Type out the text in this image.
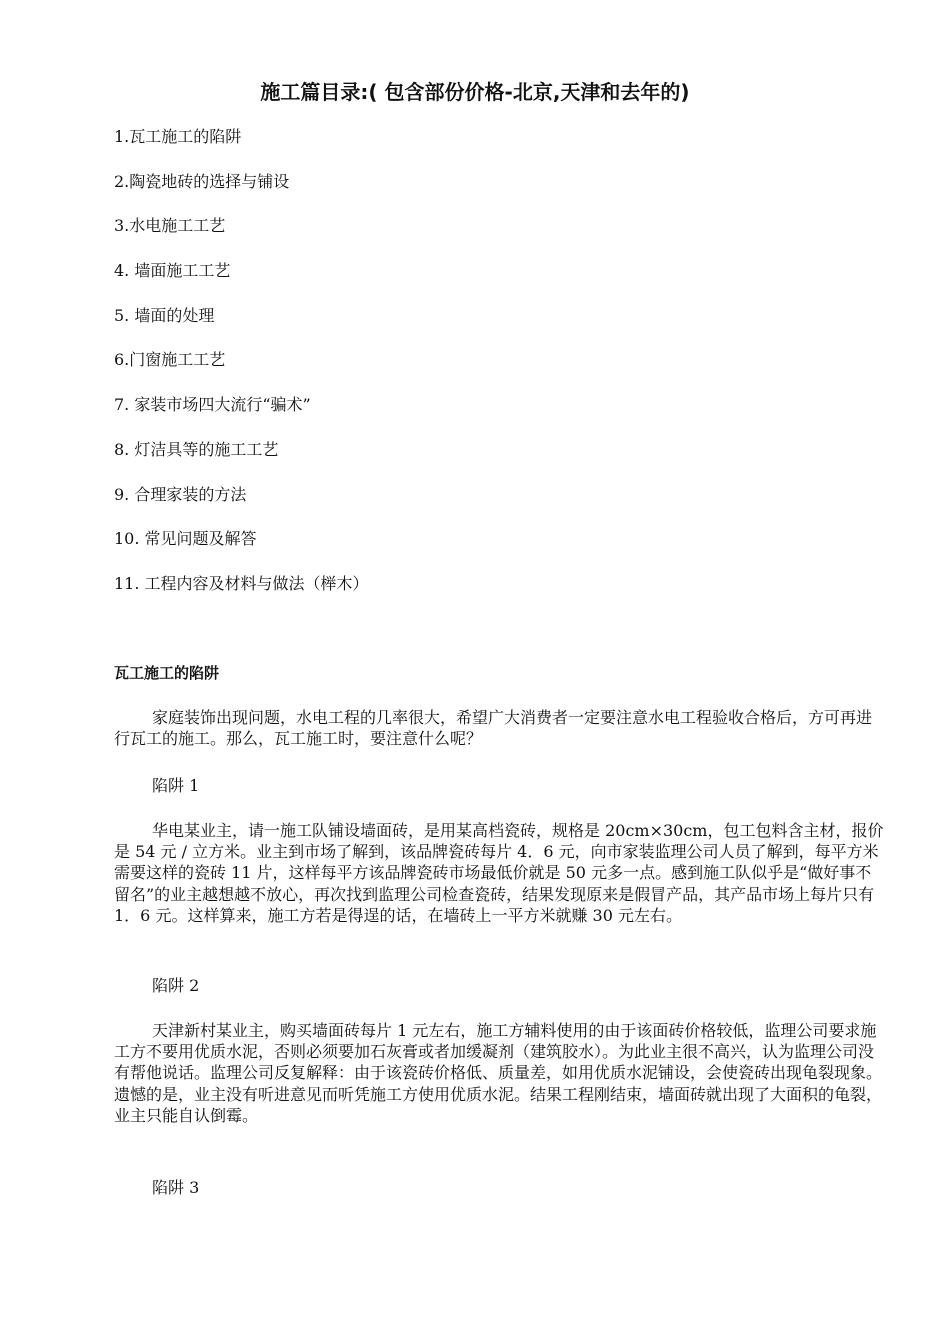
施工篇目录:( 包含部份价格-北京,天津和去年的)
1.瓦工施工的陷阱
2.陶瓷地砖的选择与铺设
3.水电施工工艺
4. 墙面施工工艺
5. 墙面的处理
6.门窗施工工艺
7. 家装市场四大流行“骗术”
8. 灯洁具等的施工工艺
9. 合理家装的方法
10. 常见问题及解答
11. 工程内容及材料与做法（榉木）
瓦工施工的陷阱

家庭装饰出现问题，水电工程的几率很大，希望广大消费者一定要注意水电工程验收合格后，方可再进行瓦工的施工。那么，瓦工施工时，要注意什么呢？

陷阱 1

华电某业主，请一施工队铺设墙面砖，是用某高档瓷砖，规格是 20cm×30cm，包工包料含主材，报价是 54 元 / 立方米。业主到市场了解到，该品牌瓷砖每片 4．6 元，向市家装监理公司人员了解到，每平方米需要这样的瓷砖 11 片，这样每平方该品牌瓷砖市场最低价就是 50 元多一点。感到施工队似乎是“做好事不留名”的业主越想越不放心，再次找到监理公司检查瓷砖，结果发现原来是假冒产品，其产品市场上每片只有 1．6 元。这样算来，施工方若是得逞的话，在墙砖上一平方米就赚 30 元左右。

陷阱 2

天津新村某业主，购买墙面砖每片 1 元左右，施工方辅料使用的由于该面砖价格较低，监理公司要求施工方不要用优质水泥，否则必须要加石灰膏或者加缓凝剂（建筑胶水）。为此业主很不高兴，认为监理公司没有帮他说话。监理公司反复解释：由于该瓷砖价格低、质量差，如用优质水泥铺设，会使瓷砖出现龟裂现象。遗憾的是，业主没有听进意见而听凭施工方使用优质水泥。结果工程刚结束，墙面砖就出现了大面积的龟裂，业主只能自认倒霉。

陷阱 3
